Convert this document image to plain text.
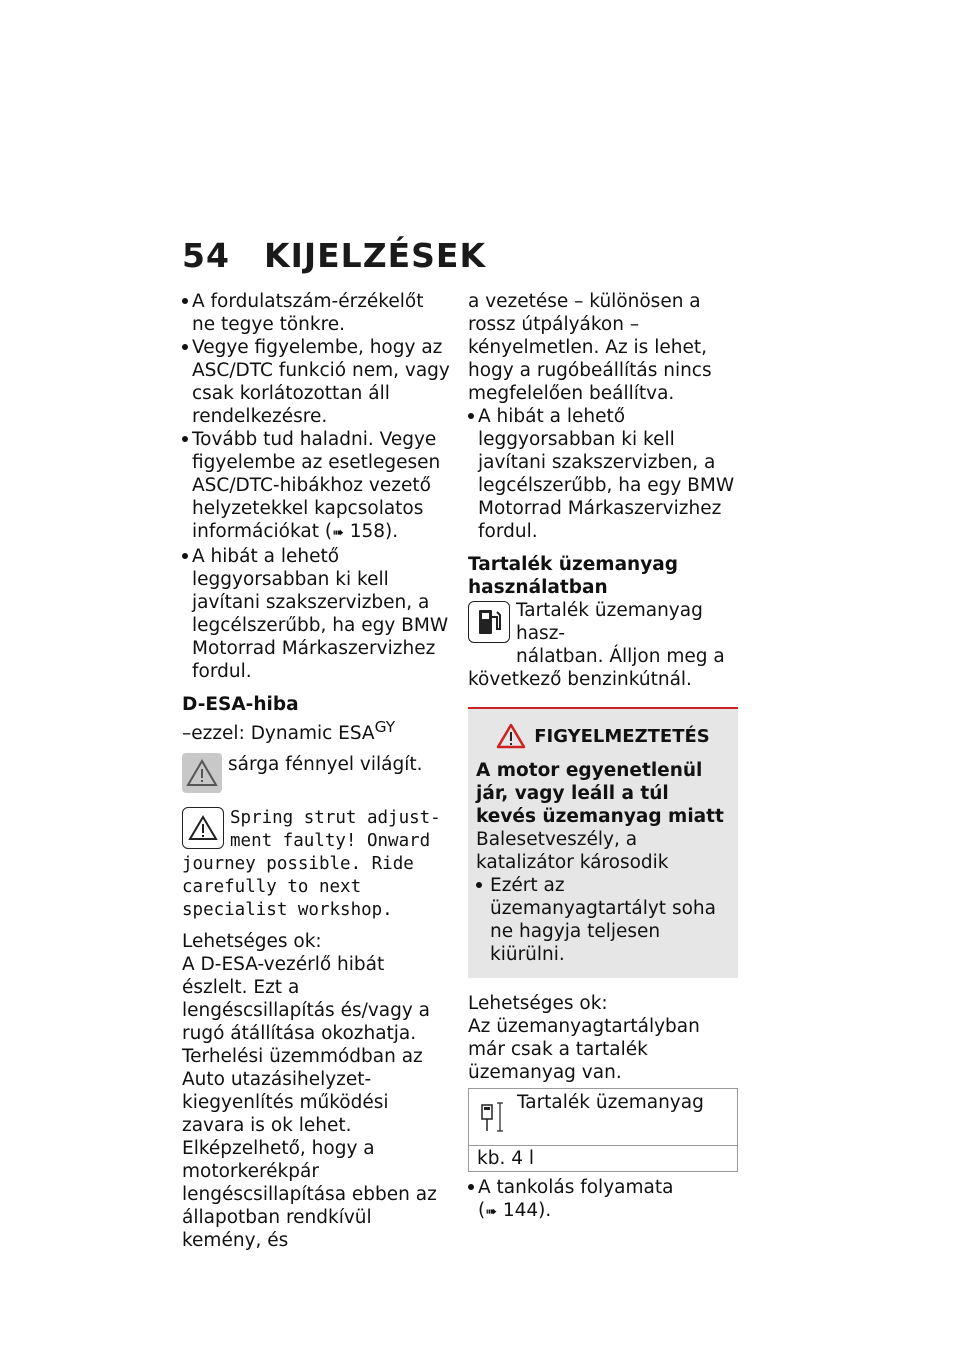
54 KIJELZÉSEK
A fordulatszám-érzékelőt ne tegye tönkre.
Vegye figyelembe, hogy az ASC/DTC funkció nem, vagy csak korlátozottan áll rendelkezésre.
Tovább tud haladni. Vegye figyelembe az esetlegesen ASC/DTC-hibákhoz vezető helyzetekkel kapcsolatos információkat (➠ 158).
A hibát a lehető leggyorsabban ki kell javítani szakszervizben, a legcélszerűbb, ha egy BMW Motorrad Márkaszervizhez fordul.

D-ESA-hiba

–ezzel: Dynamic $ESA^{GY}$

sárga fénnyel világít.
Spring strut adjust-
ment faulty! Onward

journey possible. Ride carefully to next specialist workshop.

Lehetséges ok:

A D-ESA-vezérlő hibát észlelt. Ezt a lengéscsillapítás és/vagy a rugó átállítása okozhatja. Terhelési üzemmódban az Auto utazásihelyzet-kiegyenlítés működési zavara is ok lehet. Elképzelhető, hogy a motorkerékpár lengéscsillapítása ebben az állapotban rendkívül kemény, és

a vezetése – különösen a rossz útpályákon – kényelmetlen. Az is lehet, hogy a rugóbeállítás nincs megfelelően beállítva.

A hibát a lehető leggyorsabban ki kell javítani szakszervizben, a legcélszerűbb, ha egy BMW Motorrad Márkaszervizhez fordul.

Tartalék üzemanyag használatban

Tartalék üzemanyag hasz-
nálatban. Álljon meg a

következő benzinkútnál.

FIGYELMEZTETÉS

A motor egyenetlenül jár, vagy leáll a túl kevés üzemanyag miatt

Balesetveszély, a katalizátor károsodik

Ezért az üzemanyagtartályt soha ne hagyja teljesen kiürülni.

Lehetséges ok:

Az üzemanyagtartályban már csak a tartalék üzemanyag van.

Tartalék üzemanyag
kb. 4 l
A tankolás folyamata
(➠ 144).
